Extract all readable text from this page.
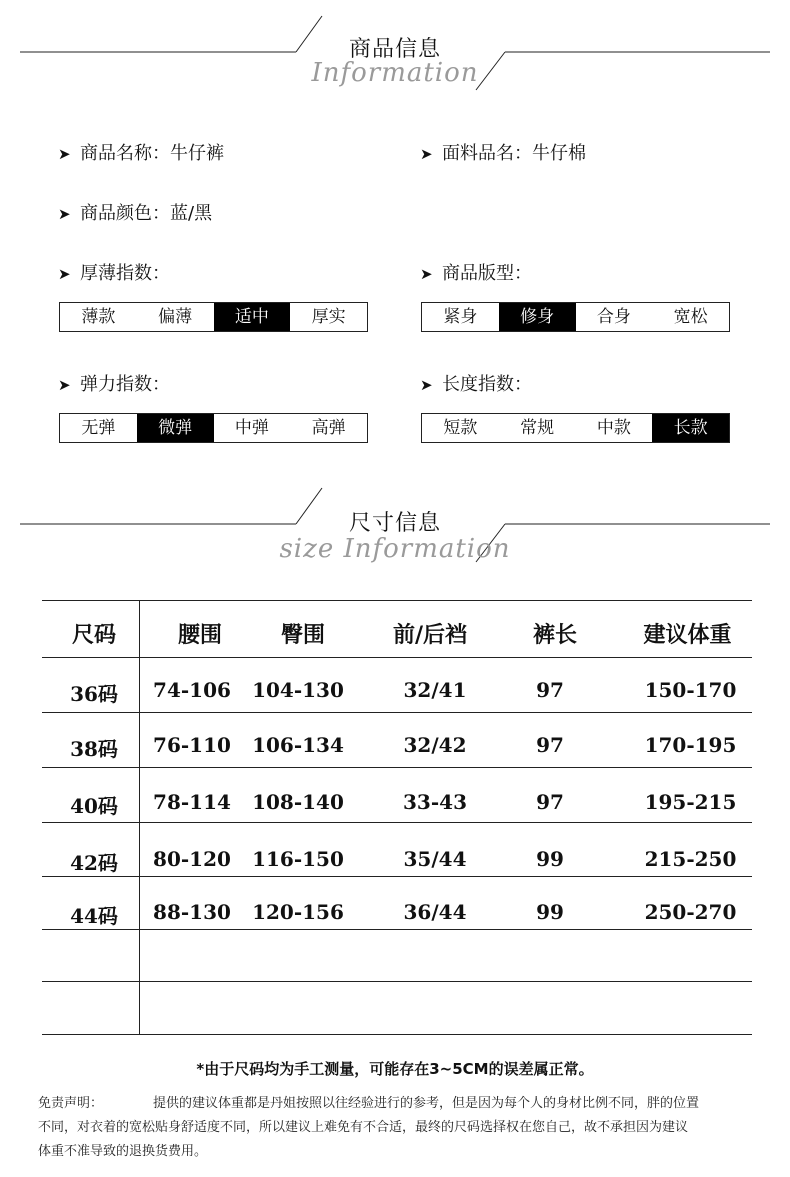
商品信息
Information
➤ 商品名称：牛仔裤	➤ 面料品名：牛仔棉
➤ 商品颜色：蓝/黑
➤ 厚薄指数：	➤ 商品版型：
薄款	偏薄	适中	厚实	紧身	修身	合身	宽松
➤ 弹力指数：	➤ 长度指数：
无弹	微弹	中弹	高弹	短款	常规	中款	长款
尺寸信息
size Information
尺码	腰围	臀围	前/后裆	裤长	建议体重
36码	74-106	104-130	32/41	97	150-170
38码	76-110	106-134	32/42	97	170-195
40码	78-114	108-140	33-43	97	195-215
42码	80-120	116-150	35/44	99	215-250
44码	88-130	120-156	36/44	99	250-270
*由于尺码均为手工测量，可能存在3~5CM的误差属正常。
免责声明：	提供的建议体重都是丹姐按照以往经验进行的参考，但是因为每个人的身材比例不同，胖的位置
不同，对衣着的宽松贴身舒适度不同，所以建议上难免有不合适，最终的尺码选择权在您自己，故不承担因为建议
体重不准导致的退换货费用。
